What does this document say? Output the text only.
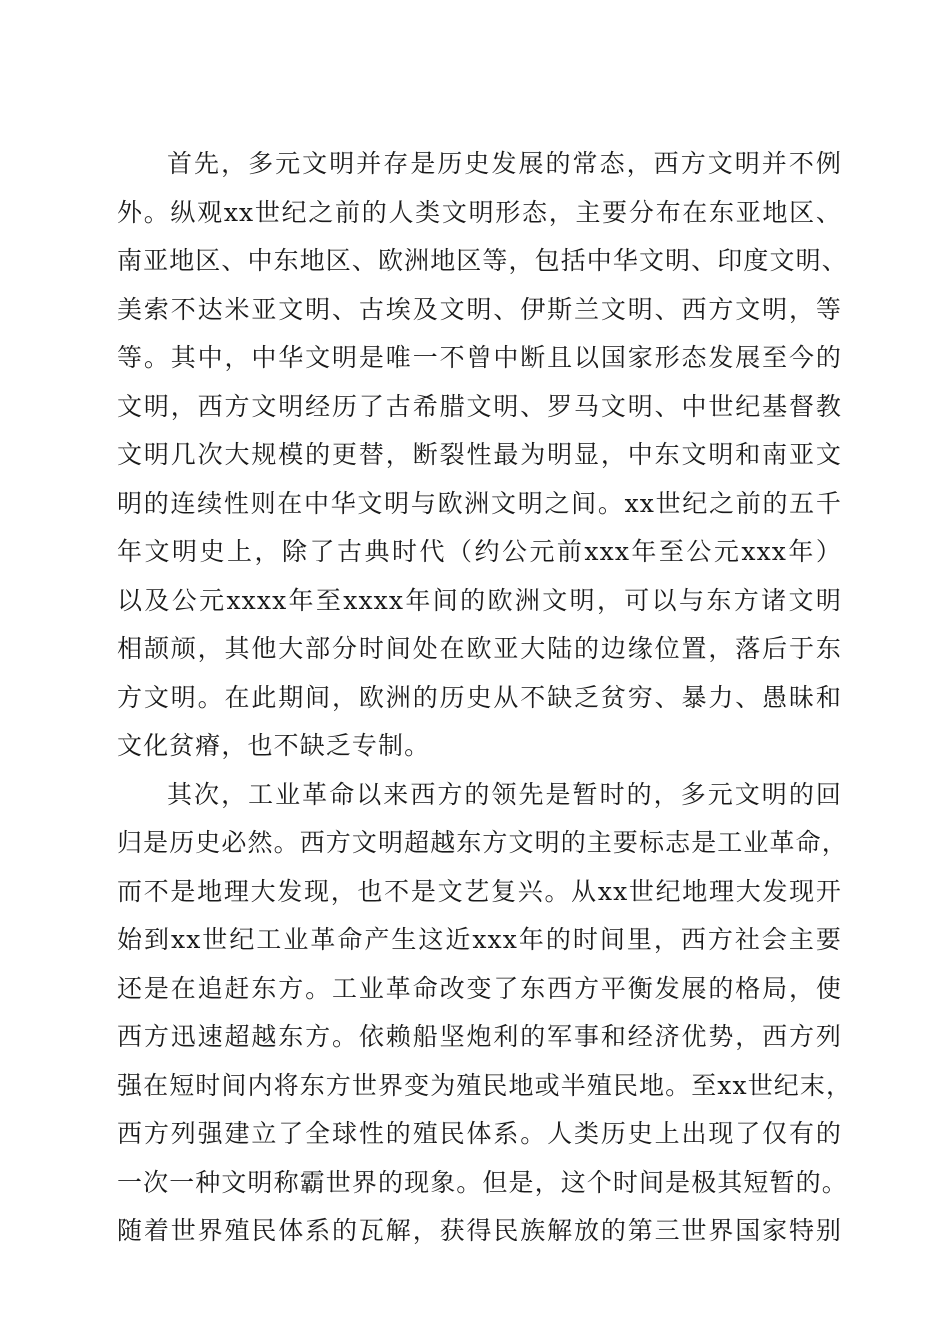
首先，多元文明并存是历史发展的常态，西方文明并不例
外。纵观xx世纪之前的人类文明形态，主要分布在东亚地区、
南亚地区、中东地区、欧洲地区等，包括中华文明、印度文明、
美索不达米亚文明、古埃及文明、伊斯兰文明、西方文明，等
等。其中，中华文明是唯一不曾中断且以国家形态发展至今的
文明，西方文明经历了古希腊文明、罗马文明、中世纪基督教
文明几次大规模的更替，断裂性最为明显，中东文明和南亚文
明的连续性则在中华文明与欧洲文明之间。xx世纪之前的五千
年文明史上，除了古典时代（约公元前xxx年至公元xxx年）
以及公元xxxx年至xxxx年间的欧洲文明，可以与东方诸文明
相颉颃，其他大部分时间处在欧亚大陆的边缘位置，落后于东
方文明。在此期间，欧洲的历史从不缺乏贫穷、暴力、愚昧和
文化贫瘠，也不缺乏专制。
其次，工业革命以来西方的领先是暂时的，多元文明的回
归是历史必然。西方文明超越东方文明的主要标志是工业革命，
而不是地理大发现，也不是文艺复兴。从xx世纪地理大发现开
始到xx世纪工业革命产生这近xxx年的时间里，西方社会主要
还是在追赶东方。工业革命改变了东西方平衡发展的格局，使
西方迅速超越东方。依赖船坚炮利的军事和经济优势，西方列
强在短时间内将东方世界变为殖民地或半殖民地。至xx世纪末，
西方列强建立了全球性的殖民体系。人类历史上出现了仅有的
一次一种文明称霸世界的现象。但是，这个时间是极其短暂的。
随着世界殖民体系的瓦解，获得民族解放的第三世界国家特别
